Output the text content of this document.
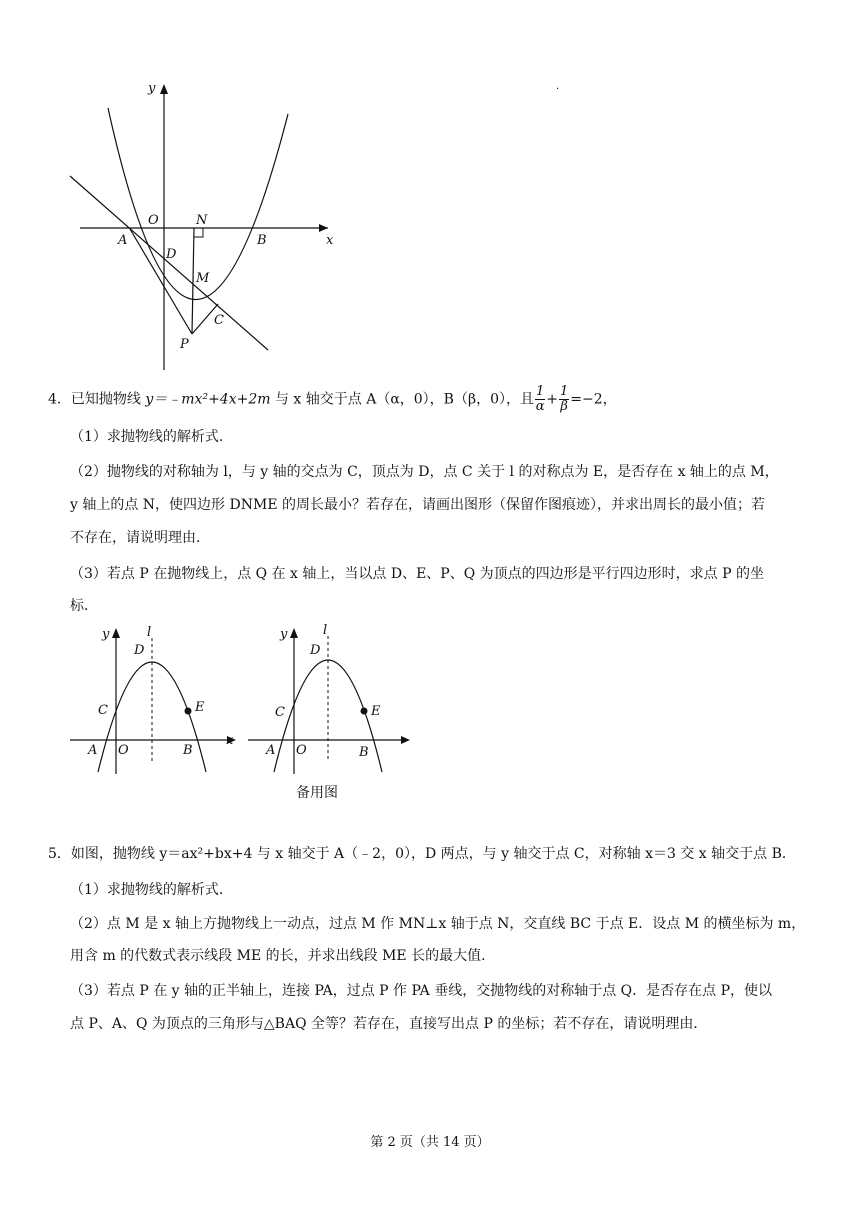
y
x
O	N
A	B
D
M
C
P
·
4．已知抛物线 y＝﹣mx²+4x+2m 与 x 轴交于点 A（α，0），B（β，0），且 $\frac{1}{\alpha} + \frac{1}{\beta} =-2$，
（1）求抛物线的解析式．
（2）抛物线的对称轴为 l，与 y 轴的交点为 C，顶点为 D，点 C 关于 l 的对称点为 E，是否存在 x 轴上的点 M，
y 轴上的点 N，使四边形 DNME 的周长最小？若存在，请画出图形（保留作图痕迹），并求出周长的最小值；若
不存在，请说明理由．
（3）若点 P 在抛物线上，点 Q 在 x 轴上，当以点 D、E、P、Q 为顶点的四边形是平行四边形时，求点 P 的坐
标．
y	l
D
C	E
A O	B
x
y	l
D
C	E
A O	B
备用图
5．如图，抛物线 y＝ax²+bx+4 与 x 轴交于 A（﹣2，0），D 两点，与 y 轴交于点 C，对称轴 x＝3 交 x 轴交于点 B．
（1）求抛物线的解析式．
（2）点 M 是 x 轴上方抛物线上一动点，过点 M 作 MN⊥x 轴于点 N，交直线 BC 于点 E．设点 M 的横坐标为 m，
用含 m 的代数式表示线段 ME 的长，并求出线段 ME 长的最大值．
（3）若点 P 在 y 轴的正半轴上，连接 PA，过点 P 作 PA 垂线，交抛物线的对称轴于点 Q．是否存在点 P，使以
点 P、A、Q 为顶点的三角形与△BAQ 全等？若存在，直接写出点 P 的坐标；若不存在，请说明理由．
第 2 页（共 14 页）
